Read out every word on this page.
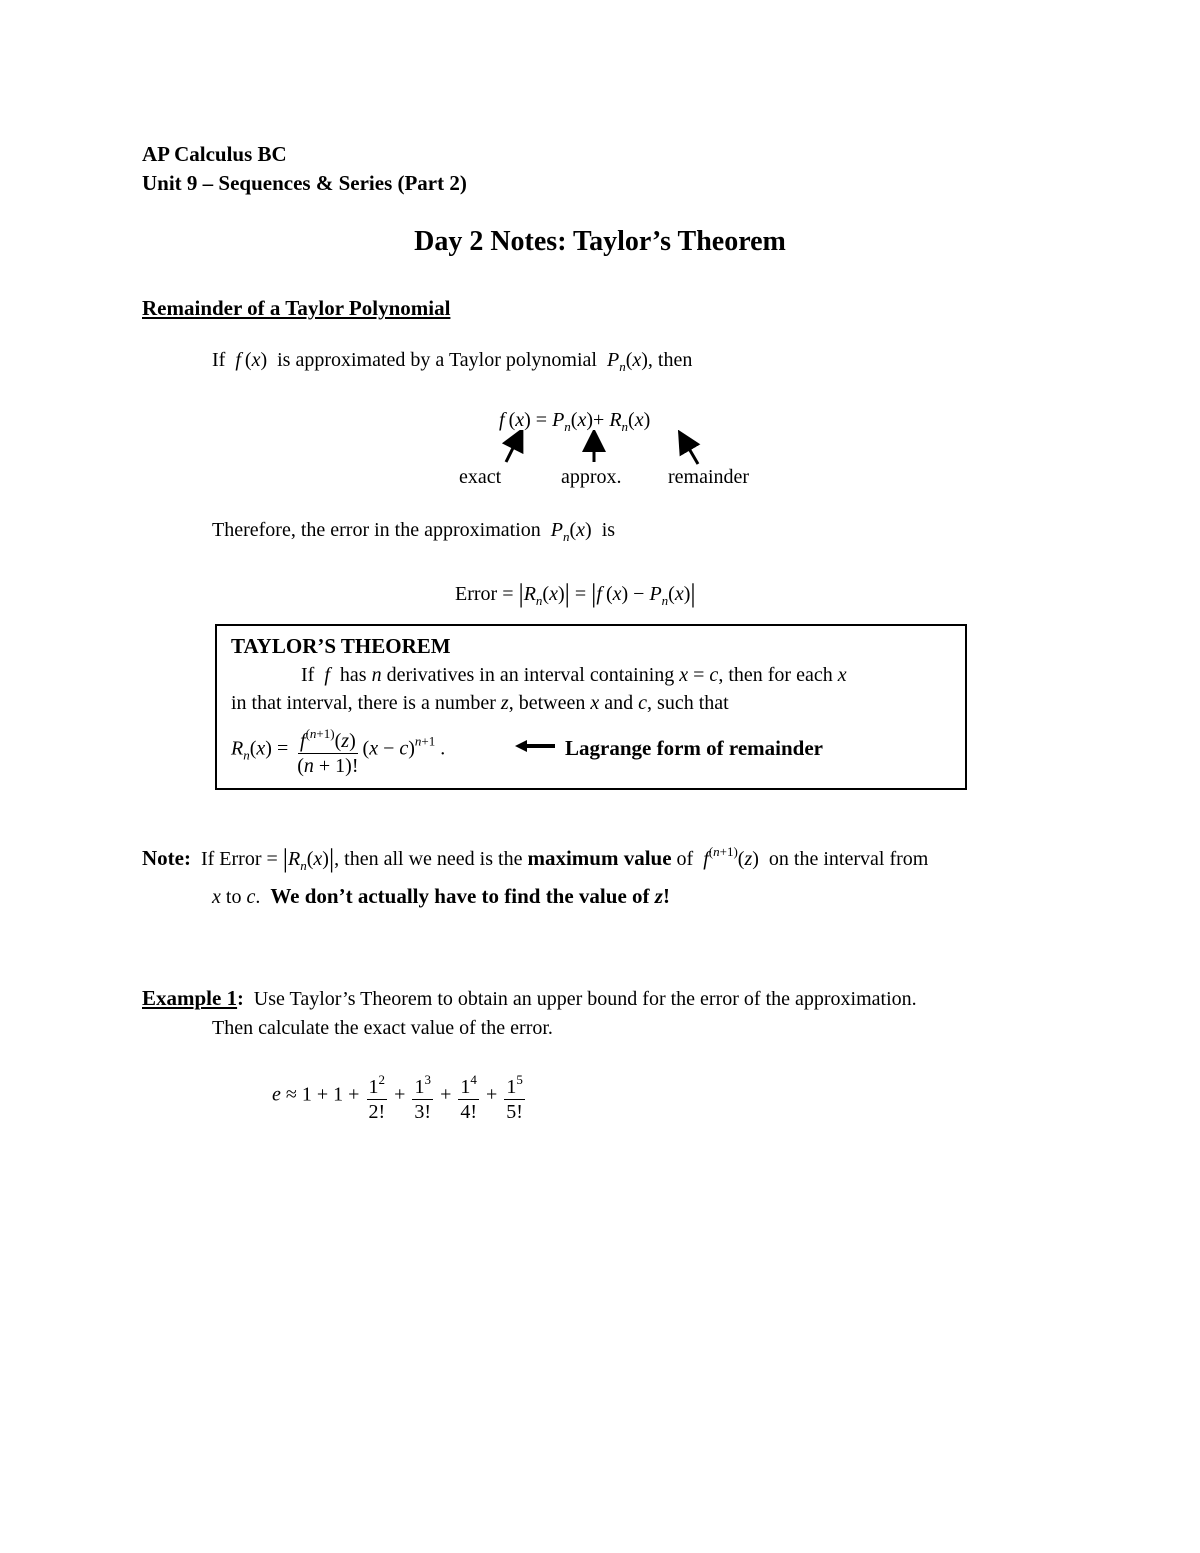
AP Calculus BC
Unit 9 – Sequences & Series (Part 2)
Day 2 Notes: Taylor’s Theorem
Remainder of a Taylor Polynomial
If  f (x)  is approximated by a Taylor polynomial $P_n(x)$, then
f $(x) = P_n(x)+ R_n(x)$
exact	approx. remainder
Therefore, the error in the approximation $P_n(x)$  is
Error = $|R_n(x)| = |f$ $(x) - P_n(x)|$
TAYLOR’S THEOREM
If  f  has n derivatives in an interval containing x = c, then for each x
in that interval, there is a number z, between x and c, such that
$R_n(x) = \frac{f^{(n+1)}(z)}{(n + 1)!} (x - c)^{n+1}$ .	Lagrange form of remainder
Note: If Error = $|R_n(x)|$, then all we need is the maximum value of $f^{(n+1)}(z)$  on the interval from
x to c.  We don’t actually have to find the value of z!
Example 1: Use Taylor’s Theorem to obtain an upper bound for the error of the approximation.
Then calculate the exact value of the error.
$e \approx 1 + 1 + \frac{1^2}{2!} + \frac{1^3}{3!} + \frac{1^4}{4!} + \frac{1^5}{5!}$
